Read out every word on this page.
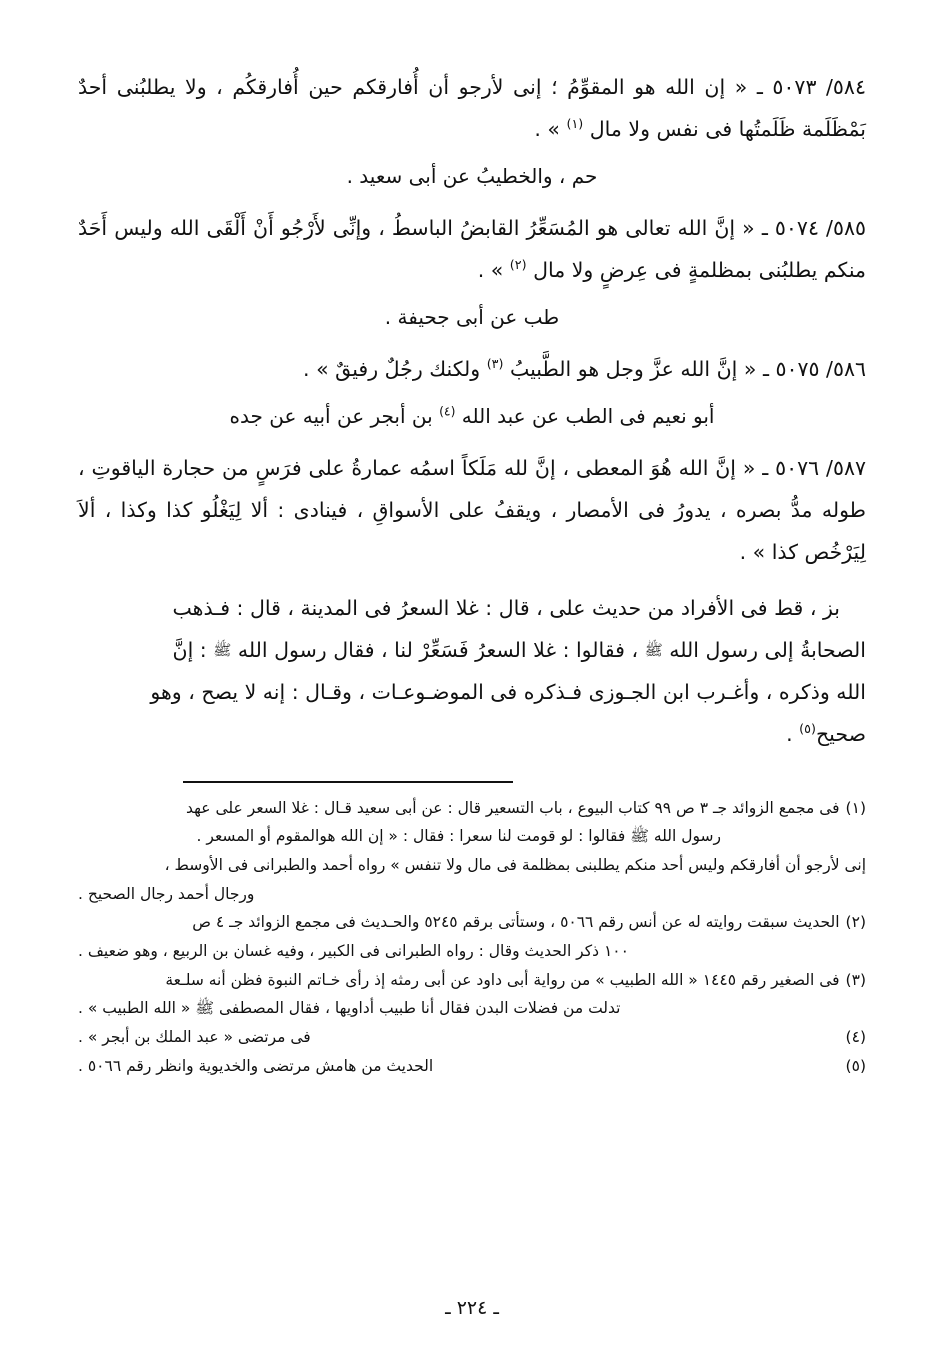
٥٨٤/ ٥٠٧٣ ـ « إن الله هو المقوِّمُ ؛ إنى لأرجو أن أُفارقكم حين أُفارقكُم ، ولا يطلبُنى أحدٌ بَمْظَلَمة ظَلَمتُها فى نفس ولا مال $^{(١)}$ » .

حم ، والخطيبُ عن أبى سعيد .

٥٨٥/ ٥٠٧٤ ـ « إنَّ الله تعالى هو المُسَعِّرُ القابضُ الباسطُ ، وإنِّى لأَرْجُو أَنْ أَلْقَى الله وليس أَحَدٌ منكم يطلبُنى بمظلمةٍ فى عِرضٍ ولا مال $^{(٢)}$ » .

طب عن أبى جحيفة .

٥٨٦/ ٥٠٧٥ ـ « إنَّ الله عزَّ وجل هو الطَّبيبُ $^{(٣)}$ ولكنك رجُلٌ رفيقٌ » .

أبو نعيم فى الطب عن عبد الله $^{(٤)}$ بن أبجر عن أبيه عن جده

٥٨٧/ ٥٠٧٦ ـ « إنَّ الله هُوَ المعطى ، إنَّ لله مَلَكاً اسمُه عمارةُ على فرَسٍ من حجارة الياقوتِ ، طوله مدُّ بصره ، يدورُ فى الأمصار ، ويقفُ على الأسواقِ ، فينادى : ألا لِيَغْلُو كذا وكذا ، ألاَ لِيَرْخُص كذا » .

بز ، قط فى الأفراد من حديث على ، قال : غلا السعرُ فى المدينة ، قال : فـذهب

الصحابةُ إلى رسول الله ﷺ ، فقالوا : غلا السعرُ فَسَعِّرْ لنا ، فقال رسول الله ﷺ : إنَّ

الله وذكره ، وأغـرب ابن الجـوزى فـذكره فى الموضـوعـات ، وقـال : إنه لا يصح ، وهو

صحيح$^{(٥)}$ .

(١)
فى مجمع الزوائد جـ ٣ ص ٩٩ كتاب البيوع ، باب التسعير قال : عن أبى سعيد قـال : غلا السعر على عهد
رسول الله ﷺ فقالوا : لو قومت لنا سعرا : فقال : « إن الله هوالمقوم أو المسعر .
إنى لأرجو أن أفارقكم وليس أحد منكم يطلبنى بمظلمة فى مال ولا تنفس » رواه أحمد والطبرانى فى الأوسط ،
ورجال أحمد رجال الصحيح .
(٢)
الحديث سبقت روايته له عن أنس رقم ٥٠٦٦ ، وستأتى برقم ٥٢٤٥ والحـديث فى مجمع الزوائد جـ ٤ ص
١٠٠ ذكر الحديث وقال : رواه الطبرانى فى الكبير ، وفيه غسان بن الربيع ، وهو ضعيف .
(٣)
فى الصغير رقم ١٤٤٥ « الله الطبيب » من رواية أبى داود عن أبى رمثه إذ رأى خـاتم النبوة فظن أنه سلـعة
تدلت من فضلات البدن فقال أنا طبيب أداويها ، فقال المصطفى ﷺ « الله الطبيب » .
(٤)
فى مرتضى « عبد الملك بن أبجر » .
(٥)
الحديث من هامش مرتضى والخديوية وانظر رقم ٥٠٦٦ .
ـ ٢٢٤ ـ
